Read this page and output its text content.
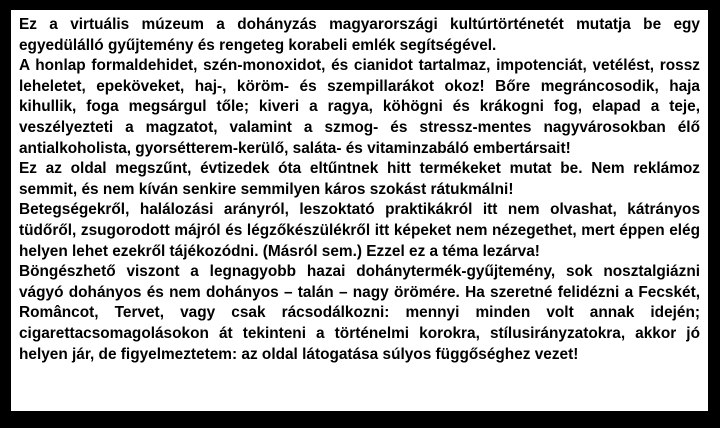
Ez a virtuális múzeum a dohányzás magyarországi kultúrtörténetét mutatja be egy egyedülálló gyűjtemény és rengeteg korabeli emlék segítségével.

A honlap formaldehidet, szén-monoxidot, és cianidot tartalmaz, impotenciát, vetélést, rossz leheletet, epeköveket, haj-, köröm- és szempillarákot okoz! Bőre megráncosodik, haja kihullik, foga megsárgul tőle; kiveri a ragya, köhögni és krákogni fog, elapad a teje, veszélyezteti a magzatot, valamint a szmog- és stressz-mentes nagyvárosokban élő antialkoholista, gyorsétterem-kerülő, saláta- és vitaminzabáló embertársait!

Ez az oldal megszűnt, évtizedek óta eltűntnek hitt termékeket mutat be. Nem reklámoz semmit, és nem kíván senkire semmilyen káros szokást rátukmálni!

Betegségekről, halálozási arányról, leszoktató praktikákról itt nem olvashat, kátrányos tüdőről, zsugorodott májról és légzőkészülékről itt képeket nem nézegethet, mert éppen elég helyen lehet ezekről tájékozódni. (Másról sem.) Ezzel ez a téma lezárva!

Böngészhető viszont a legnagyobb hazai dohánytermék-gyűjtemény, sok nosztalgiázni vágyó dohányos és nem dohányos – talán – nagy örömére. Ha szeretné felidézni a Fecskét, Româncot, Tervet, vagy csak rácsodálkozni: mennyi minden volt annak idején; cigarettacsomagolásokon át tekinteni a történelmi korokra, stílusirányzatokra, akkor jó helyen jár, de figyelmeztetem: az oldal látogatása súlyos függőséghez vezet!
